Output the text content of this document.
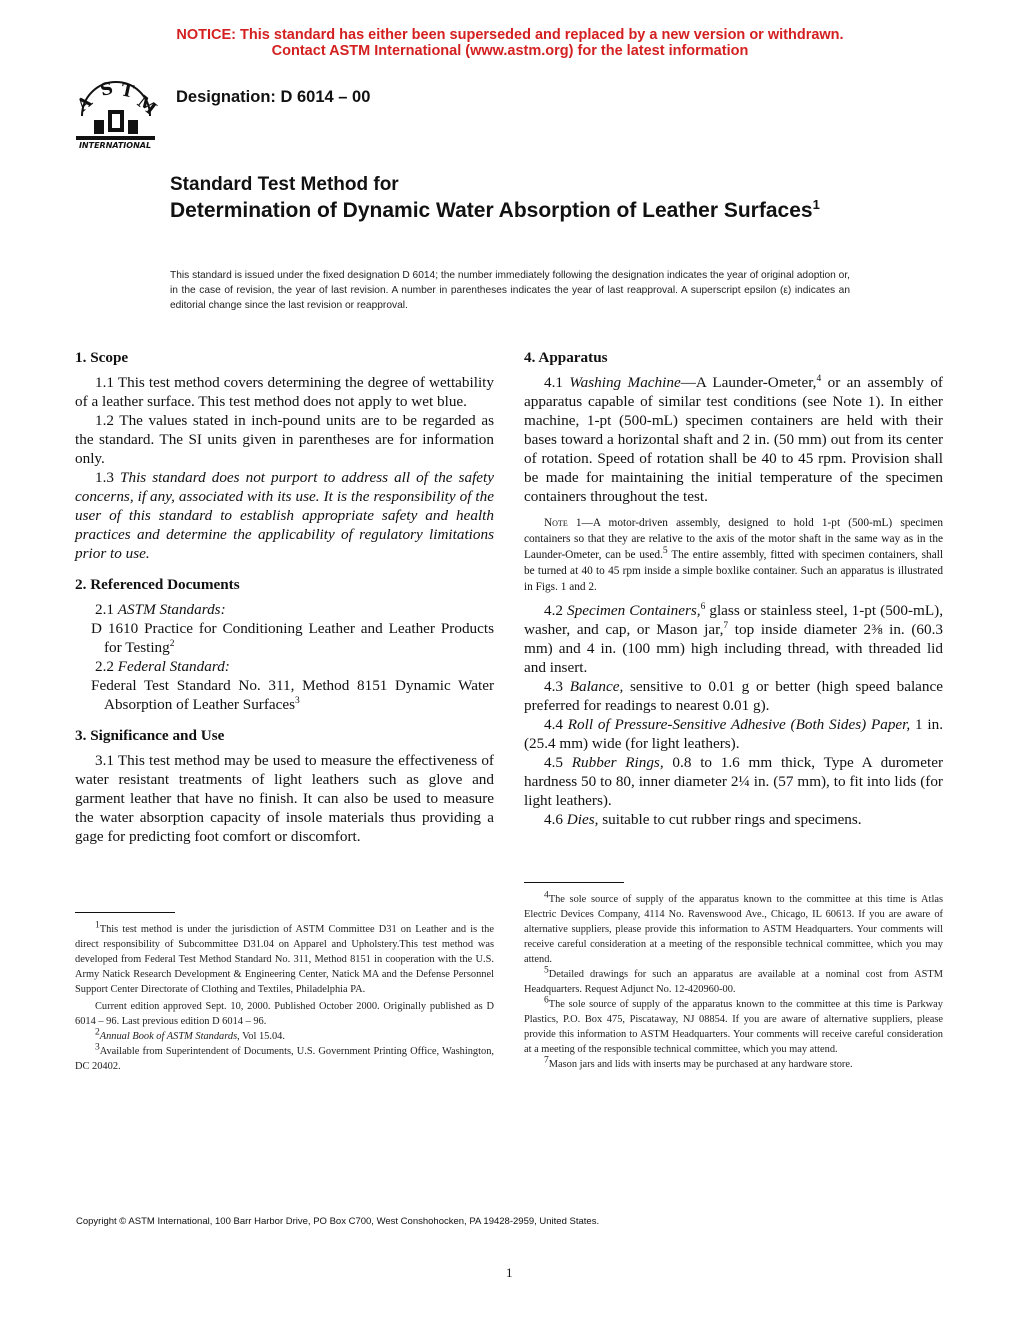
NOTICE: This standard has either been superseded and replaced by a new version or withdrawn.
Contact ASTM International (www.astm.org) for the latest information
A
S T
M
INTERNATIONAL
Designation: D 6014 – 00
Standard Test Method for
Determination of Dynamic Water Absorption of Leather Surfaces$^1$
This standard is issued under the fixed designation D 6014; the number immediately following the designation indicates the year of original adoption or, in the case of revision, the year of last revision. A number in parentheses indicates the year of last reapproval. A superscript epsilon (ε) indicates an editorial change since the last revision or reapproval.

1. Scope

1.1 This test method covers determining the degree of wettability of a leather surface. This test method does not apply to wet blue.

1.2 The values stated in inch-pound units are to be regarded as the standard. The SI units given in parentheses are for information only.

1.3 This standard does not purport to address all of the safety concerns, if any, associated with its use. It is the responsibility of the user of this standard to establish appropriate safety and health practices and determine the applicability of regulatory limitations prior to use.

2. Referenced Documents

2.1 ASTM Standards:

D 1610 Practice for Conditioning Leather and Leather Products for Testing$^2$

2.2 Federal Standard:

Federal Test Standard No. 311, Method 8151 Dynamic Water Absorption of Leather Surfaces$^3$

3. Significance and Use

3.1 This test method may be used to measure the effectiveness of water resistant treatments of light leathers such as glove and garment leather that have no finish. It can also be used to measure the water absorption capacity of insole materials thus providing a gage for predicting foot comfort or discomfort.

$^1$This test method is under the jurisdiction of ASTM Committee D31 on Leather and is the direct responsibility of Subcommittee D31.04 on Apparel and Upholstery.This test method was developed from Federal Test Method Standard No. 311, Method 8151 in cooperation with the U.S. Army Natick Research Development & Engineering Center, Natick MA and the Defense Personnel Support Center Directorate of Clothing and Textiles, Philadelphia PA.
Current edition approved Sept. 10, 2000. Published October 2000. Originally published as D 6014 – 96. Last previous edition D 6014 – 96.
$^2$Annual Book of ASTM Standards, Vol 15.04.
$^3$Available from Superintendent of Documents, U.S. Government Printing Office, Washington, DC 20402.

4. Apparatus

4.1 Washing Machine—A Launder-Ometer,$^4$ or an assembly of apparatus capable of similar test conditions (see Note 1). In either machine, 1-pt (500-mL) specimen containers are held with their bases toward a horizontal shaft and 2 in. (50 mm) out from its center of rotation. Speed of rotation shall be 40 to 45 rpm. Provision shall be made for maintaining the initial temperature of the specimen containers throughout the test.

Note 1—A motor-driven assembly, designed to hold 1-pt (500-mL) specimen containers so that they are relative to the axis of the motor shaft in the same way as in the Launder-Ometer, can be used.$^5$ The entire assembly, fitted with specimen containers, shall be turned at 40 to 45 rpm inside a simple boxlike container. Such an apparatus is illustrated in Figs. 1 and 2.

4.2 Specimen Containers,$^6$ glass or stainless steel, 1-pt (500-mL), washer, and cap, or Mason jar,$^7$ top inside diameter 2⅜ in. (60.3 mm) and 4 in. (100 mm) high including thread, with threaded lid and insert.

4.3 Balance, sensitive to 0.01 g or better (high speed balance preferred for readings to nearest 0.01 g).

4.4 Roll of Pressure-Sensitive Adhesive (Both Sides) Paper, 1 in. (25.4 mm) wide (for light leathers).

4.5 Rubber Rings, 0.8 to 1.6 mm thick, Type A durometer hardness 50 to 80, inner diameter 2¼ in. (57 mm), to fit into lids (for light leathers).

4.6 Dies, suitable to cut rubber rings and specimens.

$^4$The sole source of supply of the apparatus known to the committee at this time is Atlas Electric Devices Company, 4114 No. Ravenswood Ave., Chicago, IL 60613. If you are aware of alternative suppliers, please provide this information to ASTM Headquarters. Your comments will receive careful consideration at a meeting of the responsible technical committee, which you may attend.
$^5$Detailed drawings for such an apparatus are available at a nominal cost from ASTM Headquarters. Request Adjunct No. 12-420960-00.
$^6$The sole source of supply of the apparatus known to the committee at this time is Parkway Plastics, P.O. Box 475, Piscataway, NJ 08854. If you are aware of alternative suppliers, please provide this information to ASTM Headquarters. Your comments will receive careful consideration at a meeting of the responsible technical committee, which you may attend.
$^7$Mason jars and lids with inserts may be purchased at any hardware store.
Copyright © ASTM International, 100 Barr Harbor Drive, PO Box C700, West Conshohocken, PA 19428-2959, United States.
1
